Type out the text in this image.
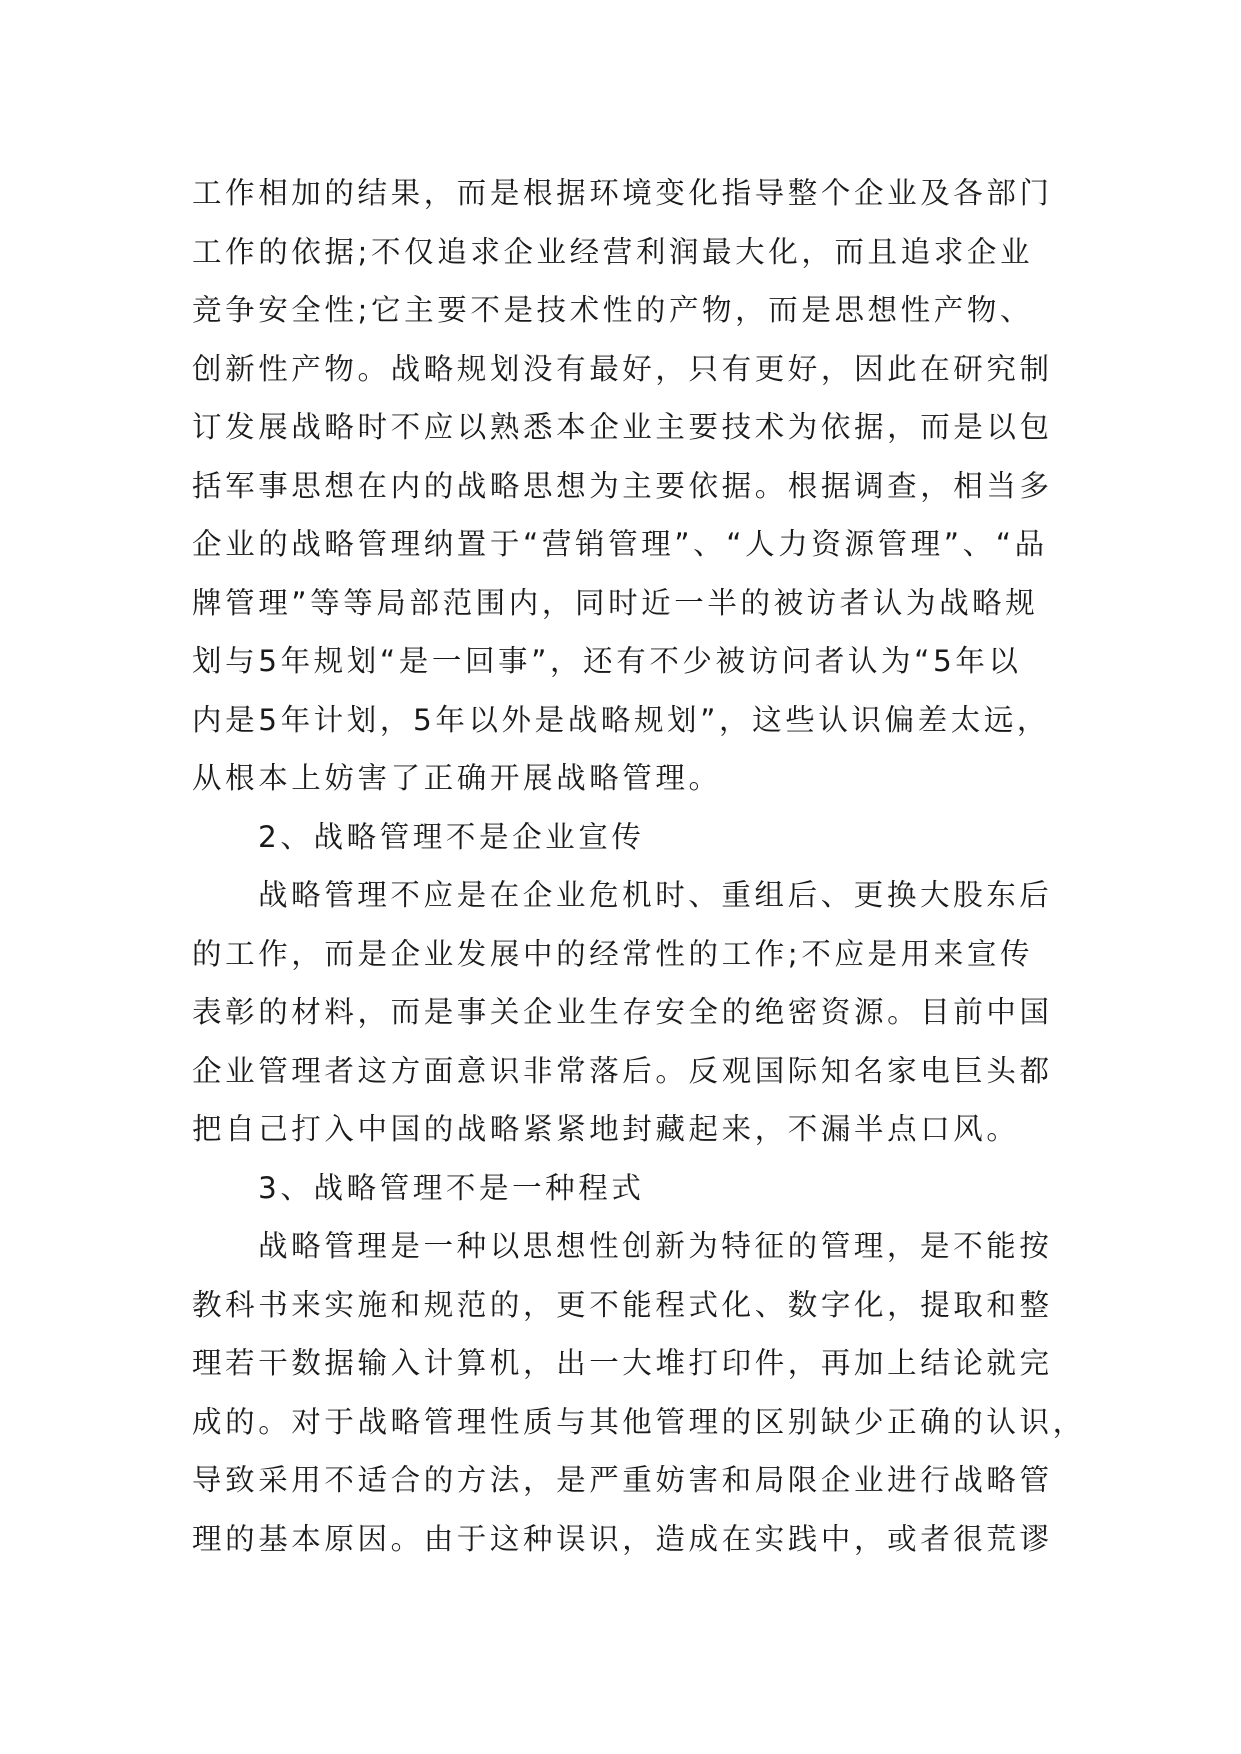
工作相加的结果，而是根据环境变化指导整个企业及各部门
工作的依据;不仅追求企业经营利润最大化，而且追求企业
竞争安全性;它主要不是技术性的产物，而是思想性产物、
创新性产物。战略规划没有最好，只有更好，因此在研究制
订发展战略时不应以熟悉本企业主要技术为依据，而是以包
括军事思想在内的战略思想为主要依据。根据调查，相当多
企业的战略管理纳置于“营销管理”、“人力资源管理”、“品
牌管理”等等局部范围内，同时近一半的被访者认为战略规
划与5年规划“是一回事”，还有不少被访问者认为“5年以
内是5年计划，5年以外是战略规划”，这些认识偏差太远，
从根本上妨害了正确开展战略管理。
2、战略管理不是企业宣传
战略管理不应是在企业危机时、重组后、更换大股东后
的工作，而是企业发展中的经常性的工作;不应是用来宣传
表彰的材料，而是事关企业生存安全的绝密资源。目前中国
企业管理者这方面意识非常落后。反观国际知名家电巨头都
把自己打入中国的战略紧紧地封藏起来，不漏半点口风。
3、战略管理不是一种程式
战略管理是一种以思想性创新为特征的管理，是不能按
教科书来实施和规范的，更不能程式化、数字化，提取和整
理若干数据输入计算机，出一大堆打印件，再加上结论就完
成的。对于战略管理性质与其他管理的区别缺少正确的认识，
导致采用不适合的方法，是严重妨害和局限企业进行战略管
理的基本原因。由于这种误识，造成在实践中，或者很荒谬
